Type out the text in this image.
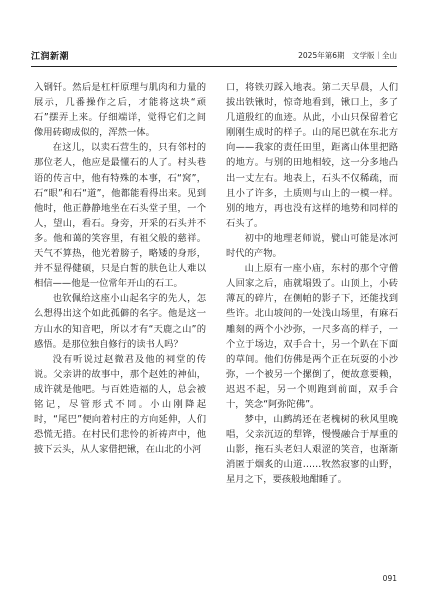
江润新潮	2025年第6期　文学版｜全山

入钢钎。然后是杠杆原理与肌肉和力量的展示，几番操作之后，才能将这块“顽石”摆弄上来。仔细端详，觉得它们之间像用砖砌成似的，浑然一体。

在这儿，以卖石营生的，只有邻村的那位老人，他应是最懂石的人了。村头巷语的传言中，他有特殊的本事，石“窝”，石“眼”和石“道”，他都能看得出来。见到他时，他正静静地坐在石头堂子里，一个人，望山，看石。身旁，开采的石头并不多。他和蔼的笑容里，有祖父般的慈祥。天气不算热，他光着膀子，略矮的身形，并不显得健硕，只是白皙的肤色让人难以相信——他是一位常年开山的石工。

也钦佩给这座小山起名字的先人，怎么想得出这个如此孤僻的名字。他是这一方山水的知音吧，所以才有“天鹿之山”的感悟。是那位独自修行的读书人吗？

没有听说过赵微君及他的祠堂的传说。父亲讲的故事中，那个赵姓的神仙，成许就是他吧。与百姓造福的人，总会被铭记，尽管形式不同。小山刚降起时，“尾巴”便向着村庄的方向延伸，人们恐慌无措。在村民们悲怜的祈祷声中，他披下云头，从人家借把锹，在山北的小河

口，将铁刃踩入地表。第二天早晨，人们拔出铁锹时，惊奇地看到，锹口上，多了几道殷红的血迹。从此，小山只保留着它刚刚生成时的样子。山的尾巴就在东北方向——我家的责任田里，距离山体里把路的地方。与别的田地相较，这一分多地凸出一丈左右。地表上，石头不仅稀疏，而且小了许多，土质则与山上的一模一样。别的地方，再也没有这样的地势和同样的石头了。

初中的地理老师说，甓山可能是冰河时代的产物。

山上原有一座小庙，东村的那个守僧人回家之后，庙就塌毁了。山顶上，小砖薄瓦的碎片，在侧帕的影子下，还能找到些许。北山坡间的一处浅山场里，有麻石雕刻的两个小沙弥，一尺多高的样子，一个立于场边，双手合十，另一个趴在下面的草间。他们仿佛是两个正在玩耍的小沙弥，一个被另一个摞倒了，便故意要赖，迟迟不起，另一个则跑到前面，双手合十，笑念“阿弥陀佛”。

梦中，山鹧鸪还在老槐树的秋风里晚唱，父亲沉迈的犁铧，慢慢融合于厚重的山影，拖石头老妇人艰涩的笑音，也渐渐消匿于烟炙的山道……牧然寂寥的山野，星月之下，要孩般地酣睡了。

091
